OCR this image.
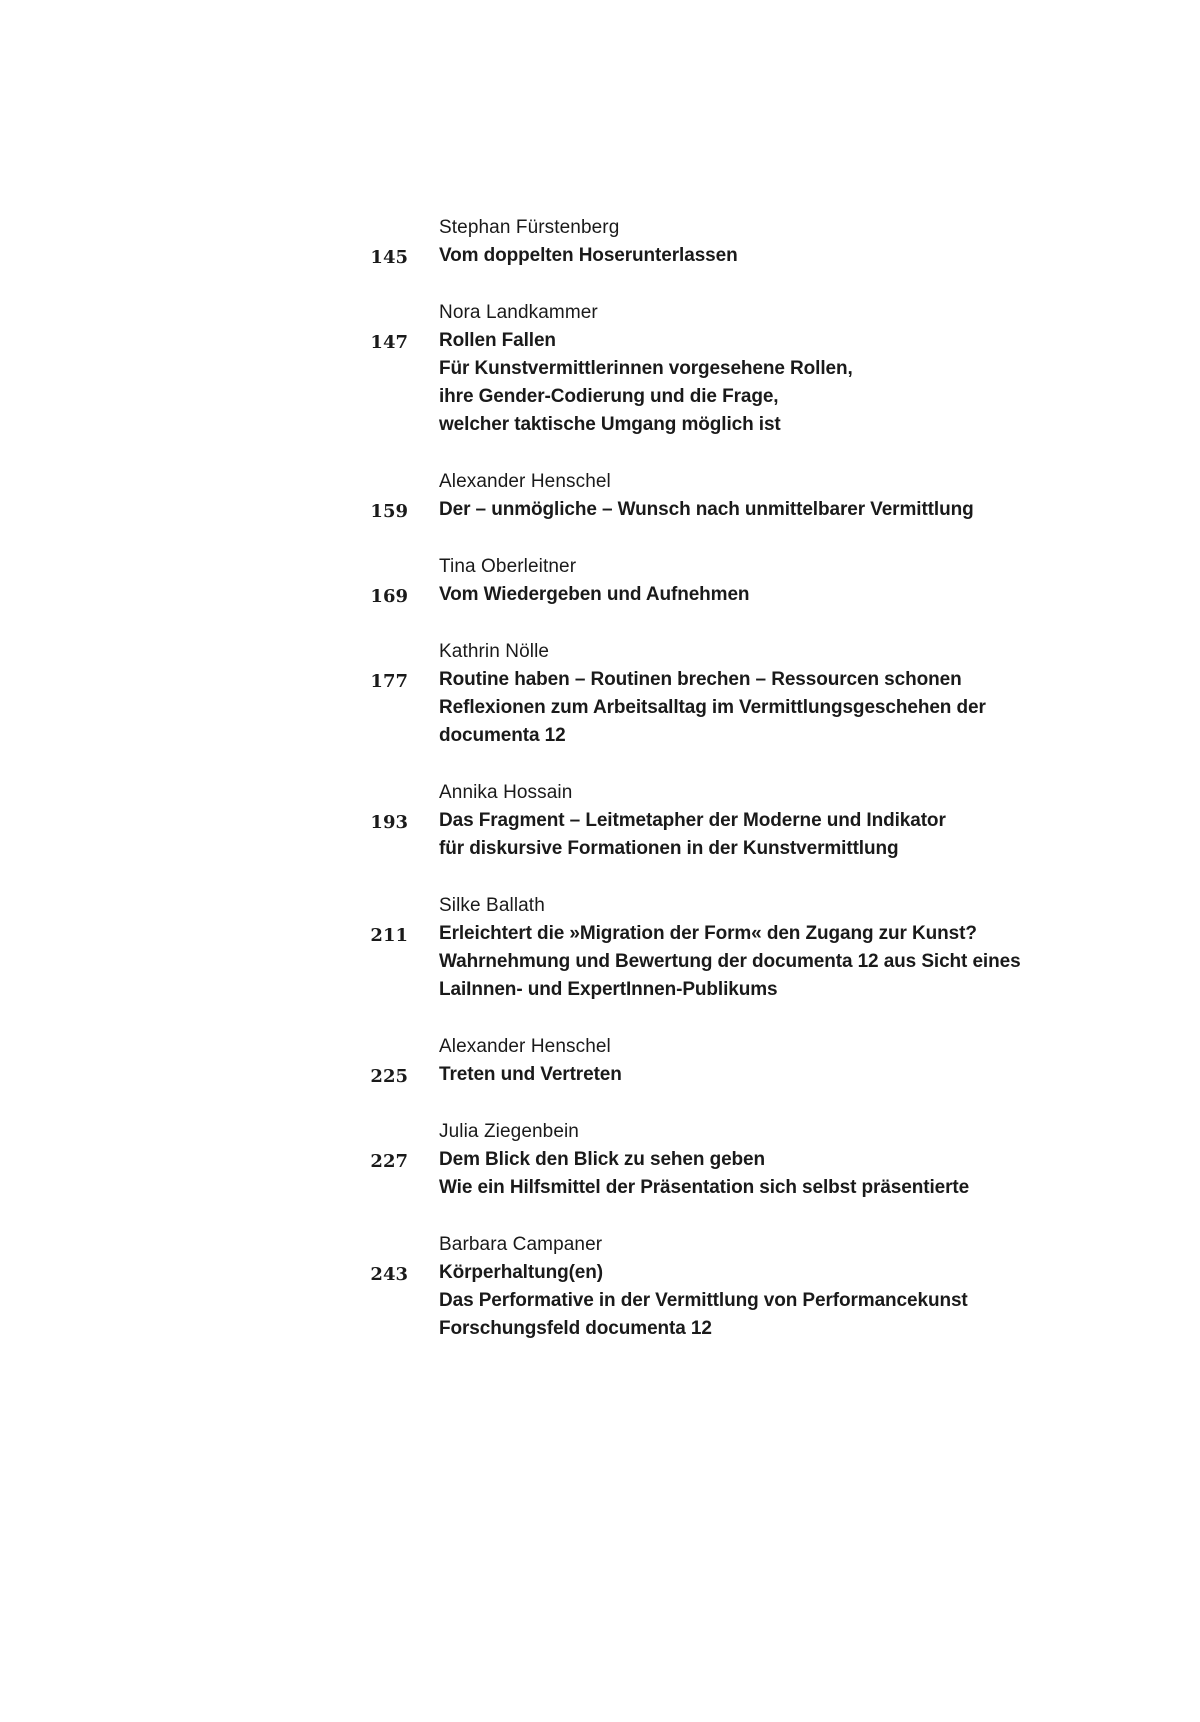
Stephan Fürstenberg
145 Vom doppelten Hoserunterlassen
Nora Landkammer
147 Rollen Fallen
Für Kunstvermittlerinnen vorgesehene Rollen,
ihre Gender-Codierung und die Frage,
welcher taktische Umgang möglich ist
Alexander Henschel
159 Der – unmögliche – Wunsch nach unmittelbarer Vermittlung
Tina Oberleitner
169 Vom Wiedergeben und Aufnehmen
Kathrin Nölle
177 Routine haben – Routinen brechen – Ressourcen schonen
Reflexionen zum Arbeitsalltag im Vermittlungsgeschehen der
documenta 12
Annika Hossain
193 Das Fragment – Leitmetapher der Moderne und Indikator
für diskursive Formationen in der Kunstvermittlung
Silke Ballath
211 Erleichtert die »Migration der Form« den Zugang zur Kunst?
Wahrnehmung und Bewertung der documenta 12 aus Sicht eines
LaiInnen- und ExpertInnen-Publikums
Alexander Henschel
225 Treten und Vertreten
Julia Ziegenbein
227 Dem Blick den Blick zu sehen geben
Wie ein Hilfsmittel der Präsentation sich selbst präsentierte
Barbara Campaner
243 Körperhaltung(en)
Das Performative in der Vermittlung von Performancekunst
Forschungsfeld documenta 12
